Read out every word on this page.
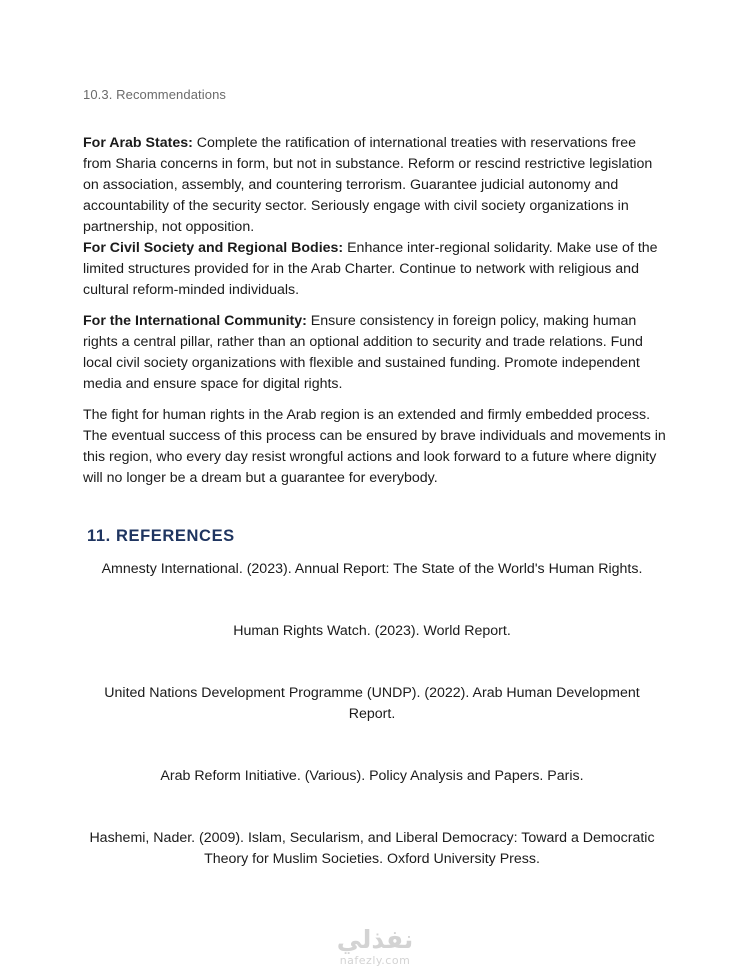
10.3. Recommendations

For Arab States: Complete the ratification of international treaties with reservations free from Sharia concerns in form, but not in substance. Reform or rescind restrictive legislation on association, assembly, and countering terrorism. Guarantee judicial autonomy and accountability of the security sector. Seriously engage with civil society organizations in partnership, not opposition.

For Civil Society and Regional Bodies: Enhance inter-regional solidarity. Make use of the limited structures provided for in the Arab Charter. Continue to network with religious and cultural reform-minded individuals.

For the International Community: Ensure consistency in foreign policy, making human rights a central pillar, rather than an optional addition to security and trade relations. Fund local civil society organizations with flexible and sustained funding. Promote independent media and ensure space for digital rights.

The fight for human rights in the Arab region is an extended and firmly embedded process. The eventual success of this process can be ensured by brave individuals and movements in this region, who every day resist wrongful actions and look forward to a future where dignity will no longer be a dream but a guarantee for everybody.

11. REFERENCES
Amnesty International. (2023). Annual Report: The State of the World's Human Rights.
Human Rights Watch. (2023). World Report.
United Nations Development Programme (UNDP). (2022). Arab Human Development Report.
Arab Reform Initiative. (Various). Policy Analysis and Papers. Paris.
Hashemi, Nader. (2009). Islam, Secularism, and Liberal Democracy: Toward a Democratic Theory for Muslim Societies. Oxford University Press.
نفذلي
nafezly.com
